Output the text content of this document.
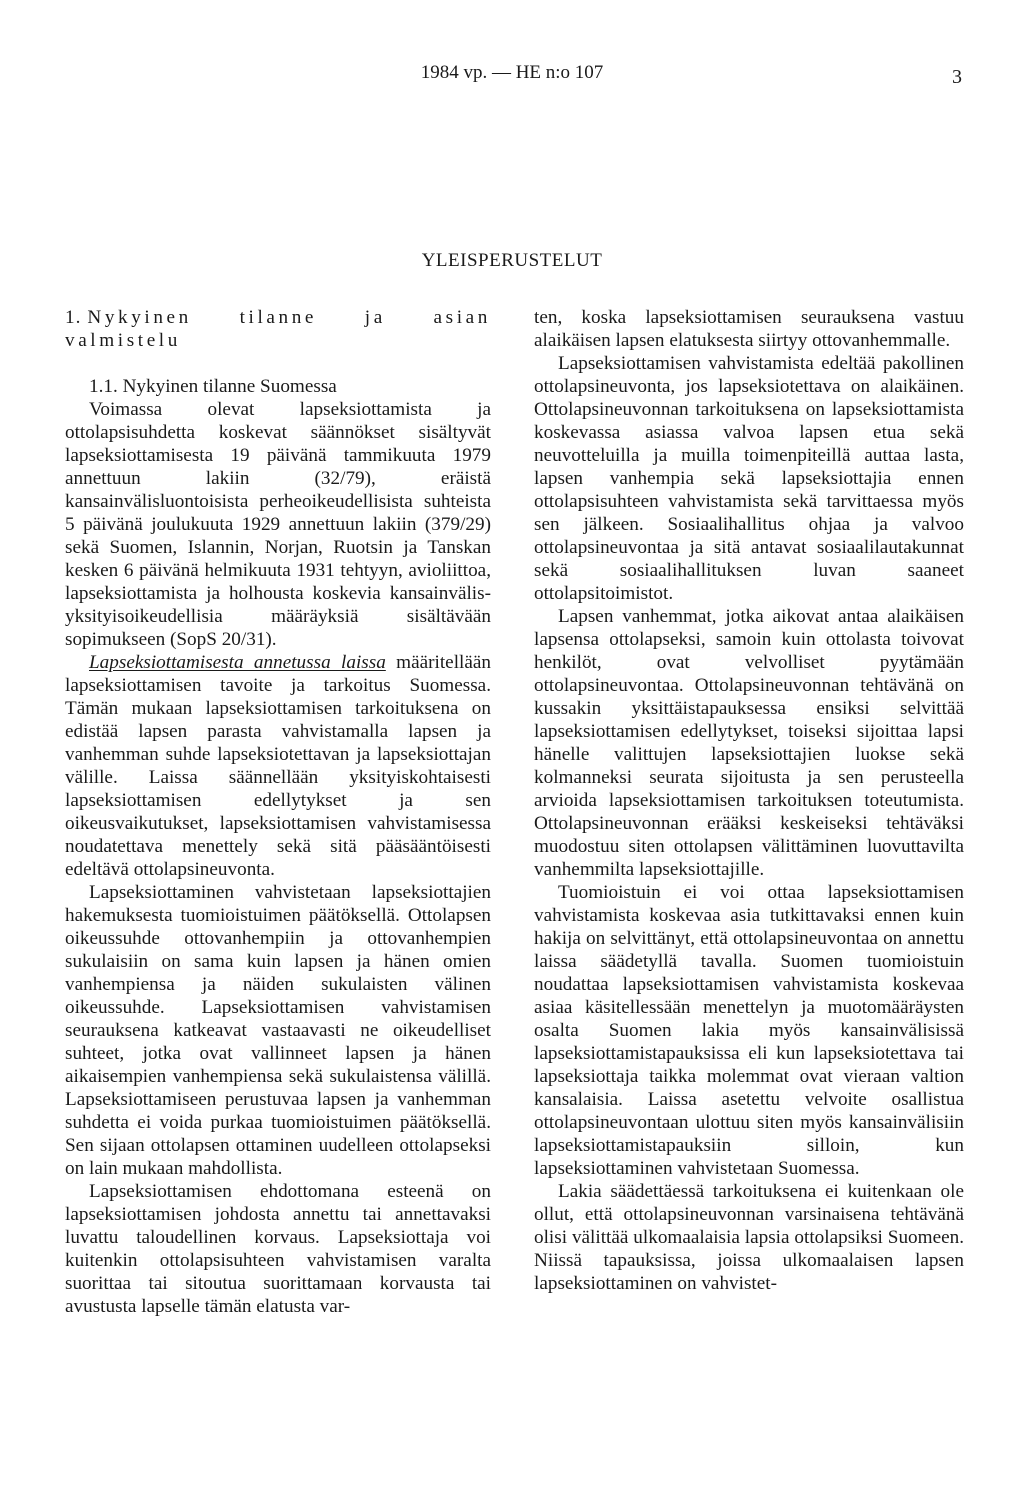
1984 vp. — HE n:o 107	3
YLEISPERUSTELUT
1. Nykyinen tilanne ja asian valmistelu

1.1. Nykyinen tilanne Suomessa

Voimassa olevat lapseksiottamista ja ottolapsisuhdetta koskevat säännökset sisältyvät lapseksiottamisesta 19 päivänä tammikuuta 1979 annettuun lakiin (32/79), eräistä kansainvälisluontoisista perheoikeudellisista suhteista 5 päivänä joulukuuta 1929 annettuun lakiin (379/29) sekä Suomen, Islannin, Norjan, Ruotsin ja Tanskan kesken 6 päivänä helmikuuta 1931 tehtyyn, avioliittoa, lapseksiottamista ja holhousta koskevia kansainvälis-yksityisoikeudellisia määräyksiä sisältävään sopimukseen (SopS 20/31).

Lapseksiottamisesta annetussa laissa määritellään lapseksiottamisen tavoite ja tarkoitus Suomessa. Tämän mukaan lapseksiottamisen tarkoituksena on edistää lapsen parasta vahvistamalla lapsen ja vanhemman suhde lapseksiotettavan ja lapseksiottajan välille. Laissa säännellään yksityiskohtaisesti lapseksiottamisen edellytykset ja sen oikeusvaikutukset, lapseksiottamisen vahvistamisessa noudatettava menettely sekä sitä pääsääntöisesti edeltävä ottolapsineuvonta.

Lapseksiottaminen vahvistetaan lapseksiottajien hakemuksesta tuomioistuimen päätöksellä. Ottolapsen oikeussuhde ottovanhempiin ja ottovanhempien sukulaisiin on sama kuin lapsen ja hänen omien vanhempiensa ja näiden sukulaisten välinen oikeussuhde. Lapseksiottamisen vahvistamisen seurauksena katkeavat vastaavasti ne oikeudelliset suhteet, jotka ovat vallinneet lapsen ja hänen aikaisempien vanhempiensa sekä sukulaistensa välillä. Lapseksiottamiseen perustuvaa lapsen ja vanhemman suhdetta ei voida purkaa tuomioistuimen päätöksellä. Sen sijaan ottolapsen ottaminen uudelleen ottolapseksi on lain mukaan mahdollista.

Lapseksiottamisen ehdottomana esteenä on lapseksiottamisen johdosta annettu tai annettavaksi luvattu taloudellinen korvaus. Lapseksiottaja voi kuitenkin ottolapsisuhteen vahvistamisen varalta suorittaa tai sitoutua suorittamaan korvausta tai avustusta lapselle tämän elatusta var-

ten, koska lapseksiottamisen seurauksena vastuu alaikäisen lapsen elatuksesta siirtyy ottovanhemmalle.

Lapseksiottamisen vahvistamista edeltää pakollinen ottolapsineuvonta, jos lapseksiotettava on alaikäinen. Ottolapsineuvonnan tarkoituksena on lapseksiottamista koskevassa asiassa valvoa lapsen etua sekä neuvotteluilla ja muilla toimenpiteillä auttaa lasta, lapsen vanhempia sekä lapseksiottajia ennen ottolapsisuhteen vahvistamista sekä tarvittaessa myös sen jälkeen. Sosiaalihallitus ohjaa ja valvoo ottolapsineuvontaa ja sitä antavat sosiaalilautakunnat sekä sosiaalihallituksen luvan saaneet ottolapsitoimistot.

Lapsen vanhemmat, jotka aikovat antaa alaikäisen lapsensa ottolapseksi, samoin kuin ottolasta toivovat henkilöt, ovat velvolliset pyytämään ottolapsineuvontaa. Ottolapsineuvonnan tehtävänä on kussakin yksittäistapauksessa ensiksi selvittää lapseksiottamisen edellytykset, toiseksi sijoittaa lapsi hänelle valittujen lapseksiottajien luokse sekä kolmanneksi seurata sijoitusta ja sen perusteella arvioida lapseksiottamisen tarkoituksen toteutumista. Ottolapsineuvonnan erääksi keskeiseksi tehtäväksi muodostuu siten ottolapsen välittäminen luovuttavilta vanhemmilta lapseksiottajille.

Tuomioistuin ei voi ottaa lapseksiottamisen vahvistamista koskevaa asia tutkittavaksi ennen kuin hakija on selvittänyt, että ottolapsineuvontaa on annettu laissa säädetyllä tavalla. Suomen tuomioistuin noudattaa lapseksiottamisen vahvistamista koskevaa asiaa käsitellessään menettelyn ja muotomääräysten osalta Suomen lakia myös kansainvälisissä lapseksiottamistapauksissa eli kun lapseksiotettava tai lapseksiottaja taikka molemmat ovat vieraan valtion kansalaisia. Laissa asetettu velvoite osallistua ottolapsineuvontaan ulottuu siten myös kansainvälisiin lapseksiottamistapauksiin silloin, kun lapseksiottaminen vahvistetaan Suomessa.

Lakia säädettäessä tarkoituksena ei kuitenkaan ole ollut, että ottolapsineuvonnan varsinaisena tehtävänä olisi välittää ulkomaalaisia lapsia ottolapsiksi Suomeen. Niissä tapauksissa, joissa ulkomaalaisen lapsen lapseksiottaminen on vahvistet-
